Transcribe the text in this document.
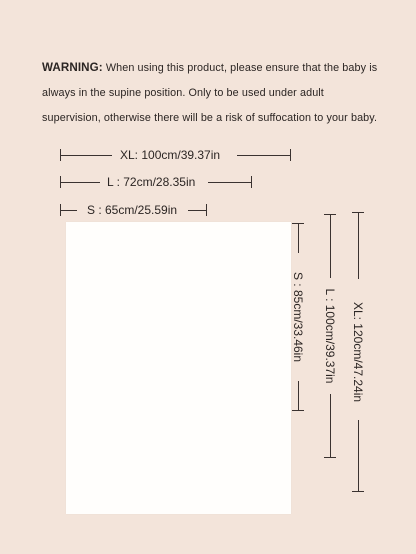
WARNING: When using this product, please ensure that the baby is always in the supine position. Only to be used under adult supervision, otherwise there will be a risk of suffocation to your baby.
XL: 100cm/39.37in
L : 72cm/28.35in
S : 65cm/25.59in
S : 85cm/33.46in L : 100cm/39.37in XL: 120cm/47.24in
